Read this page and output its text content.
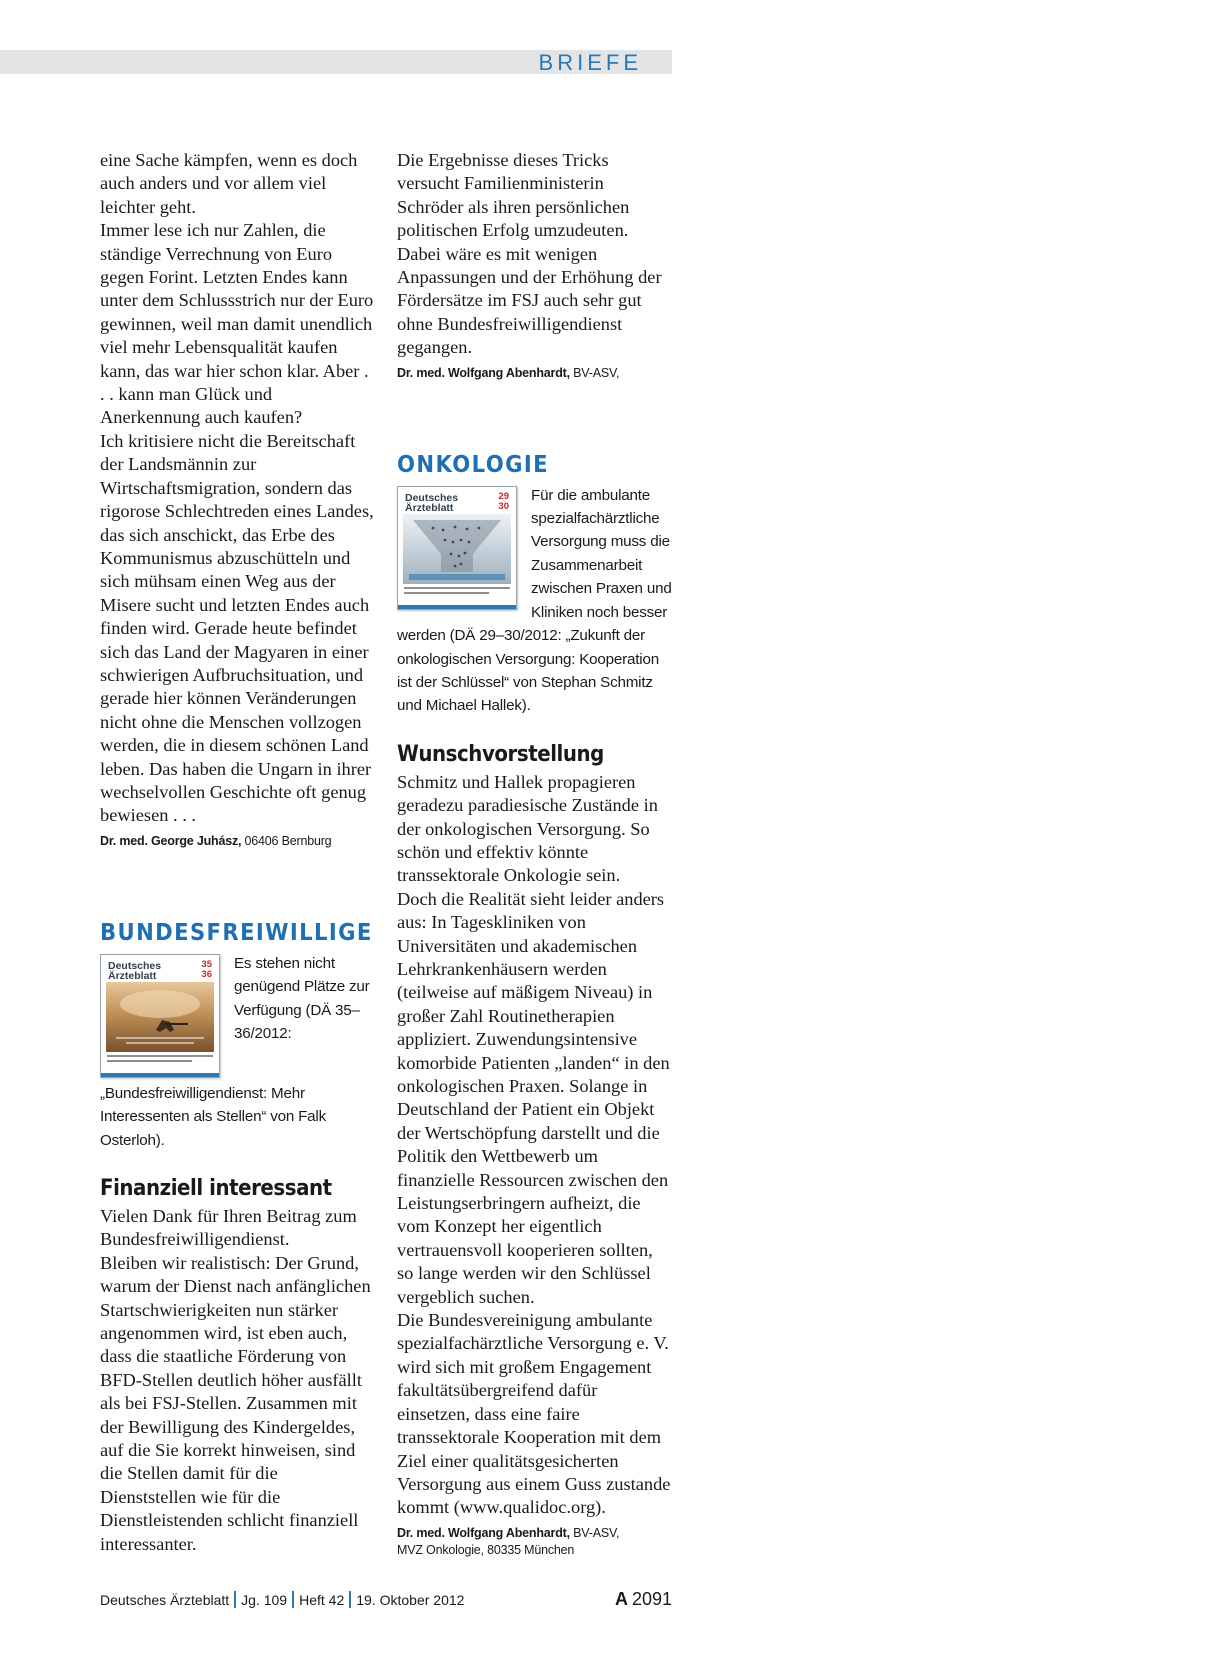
BRIEFE

eine Sache kämpfen, wenn es doch auch anders und vor allem viel leichter geht.

Immer lese ich nur Zahlen, die ständige Verrechnung von Euro gegen Forint. Letzten Endes kann unter dem Schlussstrich nur der Euro gewinnen, weil man damit unendlich viel mehr Lebensqualität kaufen kann, das war hier schon klar. Aber . . . kann man Glück und Anerkennung auch kaufen?

Ich kritisiere nicht die Bereitschaft der Landsmännin zur Wirtschaftsmigration, sondern das rigorose Schlechtreden eines Landes, das sich anschickt, das Erbe des Kommunismus abzuschütteln und sich mühsam einen Weg aus der Misere sucht und letzten Endes auch finden wird. Gerade heute befindet sich das Land der Magyaren in einer schwierigen Aufbruchsituation, und gerade hier können Veränderungen nicht ohne die Menschen vollzogen werden, die in diesem schönen Land leben. Das haben die Ungarn in ihrer wechselvollen Geschichte oft genug bewiesen . . .

Dr. med. George Juhász, 06406 Bernburg
BUNDESFREIWILLIGE
Deutsches
Ärzteblatt
35
36
Es stehen nicht genügend Plätze zur Verfügung (DÄ 35–36/2012: „Bundesfreiwilligendienst: Mehr Interessenten als Stellen“ von Falk Osterloh).
Finanziell interessant

Vielen Dank für Ihren Beitrag zum Bundesfreiwilligendienst.

Bleiben wir realistisch: Der Grund, warum der Dienst nach anfänglichen Startschwierigkeiten nun stärker angenommen wird, ist eben auch, dass die staatliche Förderung von BFD-Stellen deutlich höher ausfällt als bei FSJ-Stellen. Zusammen mit der Bewilligung des Kindergeldes, auf die Sie korrekt hinweisen, sind die Stellen damit für die Dienststellen wie für die Dienstleistenden schlicht finanziell interessanter.

Die Ergebnisse dieses Tricks versucht Familienministerin Schröder als ihren persönlichen politischen Erfolg umzudeuten. Dabei wäre es mit wenigen Anpassungen und der Erhöhung der Fördersätze im FSJ auch sehr gut ohne Bundesfreiwilligendienst gegangen.

Dr. med. Wolfgang Abenhardt, BV-ASV,
ONKOLOGIE
Deutsches
Ärzteblatt
29
30
Für die ambulante spezialfachärztliche Versorgung muss die Zusammenarbeit zwischen Praxen und Kliniken noch besser werden (DÄ 29–30/2012: „Zukunft der onkologischen Versorgung: Kooperation ist der Schlüssel“ von Stephan Schmitz und Michael Hallek).
Wunschvorstellung

Schmitz und Hallek propagieren geradezu paradiesische Zustände in der onkologischen Versorgung. So schön und effektiv könnte transsektorale Onkologie sein.

Doch die Realität sieht leider anders aus: In Tageskliniken von Universitäten und akademischen Lehrkrankenhäusern werden (teilweise auf mäßigem Niveau) in großer Zahl Routinetherapien appliziert. Zuwendungsintensive komorbide Patienten „landen“ in den onkologischen Praxen. Solange in Deutschland der Patient ein Objekt der Wertschöpfung darstellt und die Politik den Wettbewerb um finanzielle Ressourcen zwischen den Leistungserbringern aufheizt, die vom Konzept her eigentlich vertrauensvoll kooperieren sollten, so lange werden wir den Schlüssel vergeblich suchen.

Die Bundesvereinigung ambulante spezialfachärztliche Versorgung e. V. wird sich mit großem Engagement fakultätsübergreifend dafür einsetzen, dass eine faire transsektorale Kooperation mit dem Ziel einer qualitätsgesicherten Versorgung aus einem Guss zustande kommt (www.qualidoc.org).

Dr. med. Wolfgang Abenhardt, BV-ASV,
MVZ Onkologie, 80335 München
Deutsches Ärzteblatt Jg. 109 Heft 42 19. Oktober 2012	A 2091
